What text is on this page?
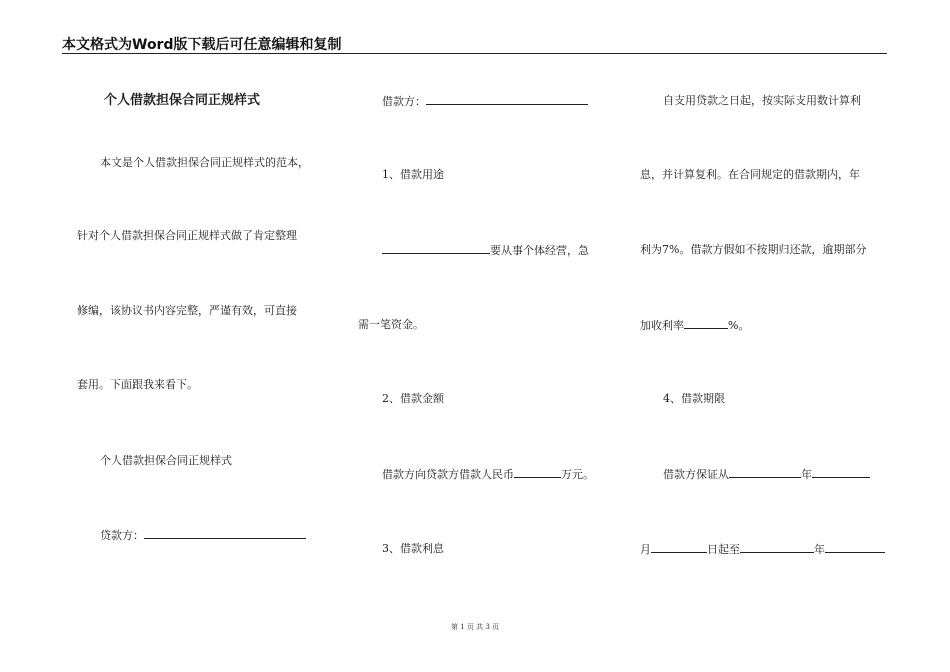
本文格式为Word版下载后可任意编辑和复制
个人借款担保合同正规样式
本文是个人借款担保合同正规样式的范本，
针对个人借款担保合同正规样式做了肯定整理
修编，该协议书内容完整，严谨有效，可直接
套用。下面跟我来看下。
个人借款担保合同正规样式
贷款方：
借款方：
1、借款用途
要从事个体经营，急
需一笔资金。
2、借款金额
借款方向贷款方借款人民币	万元。
3、借款利息
自支用贷款之日起，按实际支用数计算利
息，并计算复利。在合同规定的借款期内，年
利为7%。借款方假如不按期归还款，逾期部分
加收利率	%。
4、借款期限
借款方保证从	年
月	日起至	年
第 1 页 共 3 页
